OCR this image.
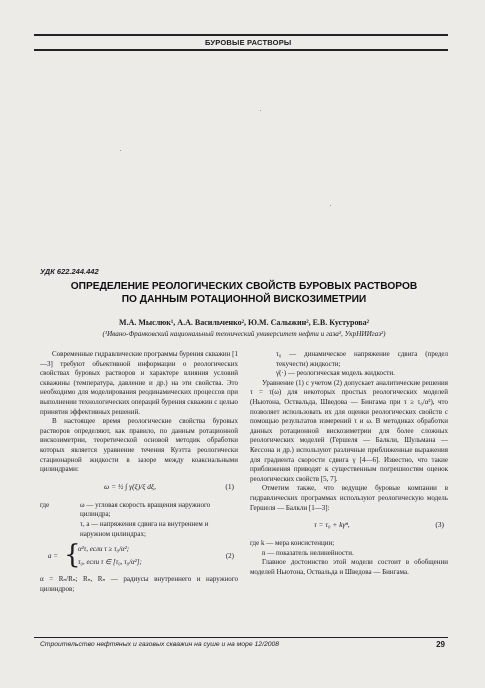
БУРОВЫЕ РАСТВОРЫ
УДК 622.244.442
ОПРЕДЕЛЕНИЕ РЕОЛОГИЧЕСКИХ СВОЙСТВ БУРОВЫХ РАСТВОРОВ
ПО ДАННЫМ РОТАЦИОННОЙ ВИСКОЗИМЕТРИИ
М.А. Мыслюк¹, А.А. Васильченко², Ю.М. Салыжин², Е.В. Кустурова²
(¹Ивано-Франковский национальный технический университет нефти и газа², УкрНИИгаз²)

Современные гидравлические программы бурения скважин [1—3] требуют объективной информации о реологических свойствах буровых растворов и характере влияния условий скважины (температура, давление и др.) на эти свойства. Это необходимо для моделирования реодинамических процессов при выполнении технологических операций бурения скважин с целью принятия эффективных решений.

В настоящее время реологические свойства буровых растворов определяют, как правило, по данным ротационной вискозиметрии, теоретической основой методик обработки которых является уравнение течения Куэтта реологически стационарной жидкости в зазоре между коаксиальными цилиндрами:

ω = ½ ∫ γ̇(ξ)/ξ dξ,	(1)
где	ω — угловая скорость вращения наружного цилиндра;
τ, a — напряжения сдвига на внутреннем и наружном цилиндрах;
a = {
α²τ, если τ ≥ τ₀/α²;
τ₀, если τ ∈ [τ₀, τ₀/α²];
(2)

α = Rₙ/Rₙ; Rₙ, Rₙ — радиусы внутреннего и наружного цилиндров;

τ₀ — динамическое напряжение сдвига (предел текучести) жидкости;

γ̇(·) — реологическая модель жидкости.

Уравнение (1) с учетом (2) допускает аналитические решения τ = τ(ω) для некоторых простых реологических моделей (Ньютона, Оствальда, Шведова — Бингама при τ ≥ τ₀/α²), что позволяет использовать их для оценки реологических свойств с помощью результатов измерений τ и ω. В методиках обработки данных ротационной вискозиметрии для более сложных реологических моделей (Гершеля — Балкли, Шульмана — Кессона и др.) используют различные приближенные выражения для градиента скорости сдвига γ [4—6]. Известно, что такие приближения приводят к существенным погрешностям оценок реологических свойств [5, 7].

Отметим также, что ведущие буровые компании в гидравлических программах используют реологическую модель Гершеля — Балкли [1—3]:

τ = τ₀ + kγ̇ⁿ,	(3)

где k — мера консистенции;

n — показатель нелинейности.

Главное достоинство этой модели состоит в обобщении моделей Ньютона, Оствальда и Шведова — Бингама.

Строительство нефтяных и газовых скважин на суше и на море 12/2008	29
